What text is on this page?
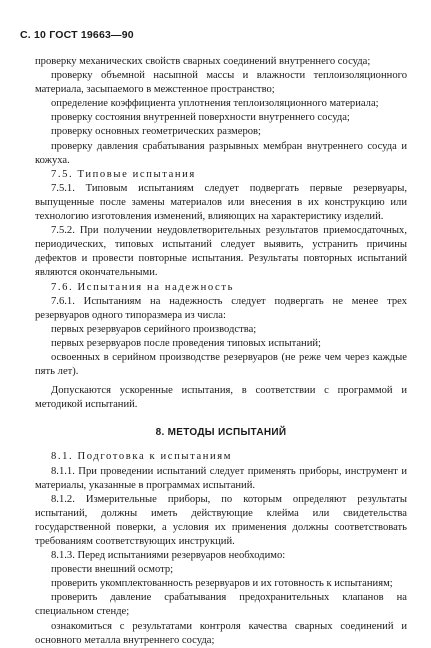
С. 10 ГОСТ 19663—90

проверку механических свойств сварных соединений внутреннего сосуда;

проверку объемной насыпной массы и влажности теплоизоляционного материала, засыпаемого в межстенное пространство;

определение коэффициента уплотнения теплоизоляционного материала;

проверку состояния внутренней поверхности внутреннего сосуда;

проверку основных геометрических размеров;

проверку давления срабатывания разрывных мембран внутреннего сосуда и кожуха.

7.5. Типовые испытания

7.5.1. Типовым испытаниям следует подвергать первые резервуары, выпущенные после замены материалов или внесения в их конструкцию или технологию изготовления изменений, влияющих на характеристику изделий.

7.5.2. При получении неудовлетворительных результатов приемосдаточных, периодических, типовых испытаний следует выявить, устранить причины дефектов и провести повторные испытания. Результаты повторных испытаний являются окончательными.

7.6. Испытания на надежность

7.6.1. Испытаниям на надежность следует подвергать не менее трех резервуаров одного типоразмера из числа:

первых резервуаров серийного производства;

первых резервуаров после проведения типовых испытаний;

освоенных в серийном производстве резервуаров (не реже чем через каждые пять лет).

Допускаются ускоренные испытания, в соответствии с программой и методикой испытаний.

8. МЕТОДЫ ИСПЫТАНИЙ

8.1. Подготовка к испытаниям

8.1.1. При проведении испытаний следует применять приборы, инструмент и материалы, указанные в программах испытаний.

8.1.2. Измерительные приборы, по которым определяют результаты испытаний, должны иметь действующие клейма или свидетельства государственной поверки, а условия их применения должны соответствовать требованиям соответствующих инструкций.

8.1.3. Перед испытаниями резервуаров необходимо:

провести внешний осмотр;

проверить укомплектованность резервуаров и их готовность к испытаниям;

проверить давление срабатывания предохранительных клапанов на специальном стенде;

ознакомиться с результатами контроля качества сварных соединений и основного металла внутреннего сосуда;
